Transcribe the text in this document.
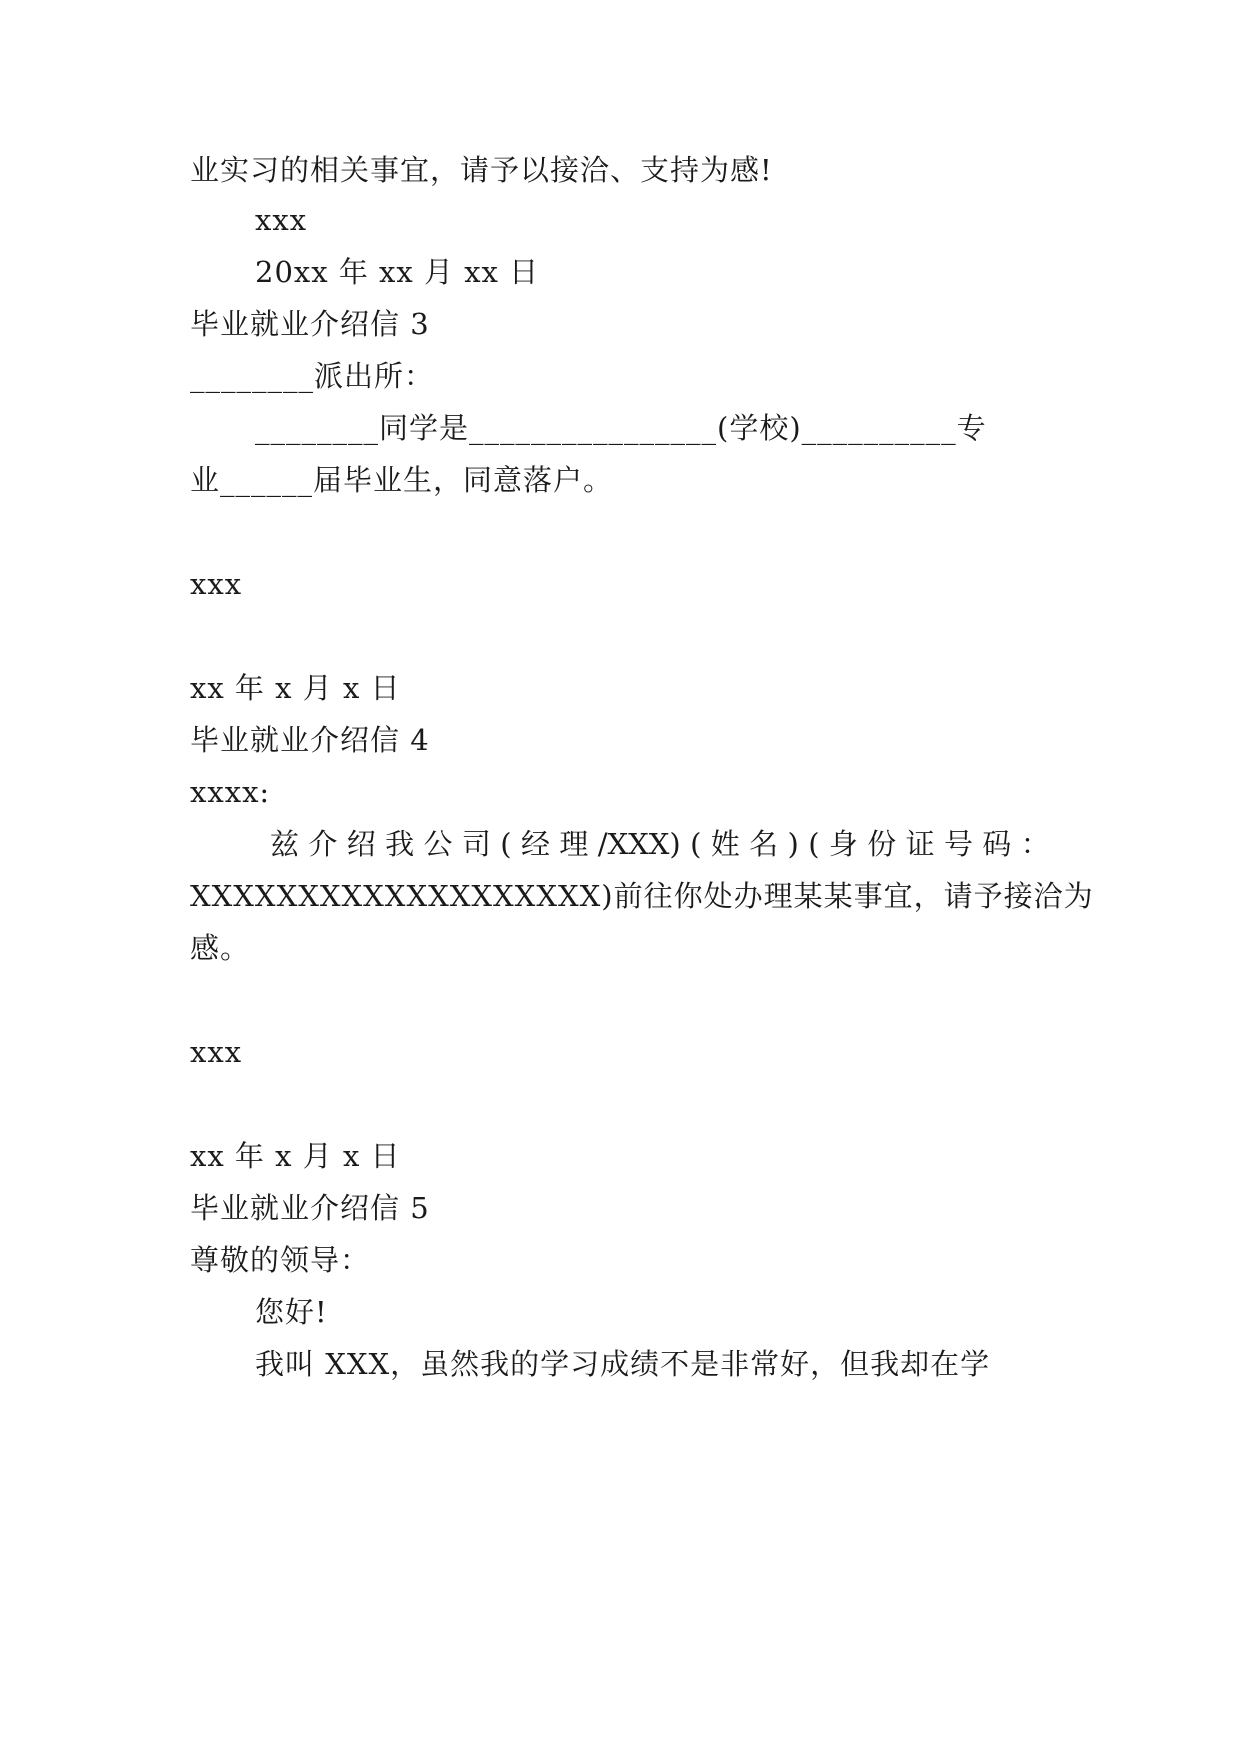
业实习的相关事宜，请予以接洽、支持为感!
xxx
20xx 年 xx 月 xx 日
毕业就业介绍信 3
________派出所：
________同学是________________(学校)__________专
业______届毕业生，同意落户。
xxx
xx 年 x 月 x 日
毕业就业介绍信 4
xxxx:
兹 介 绍 我 公 司 ( 经 理 /XXX) ( 姓 名 ) ( 身 份 证 号 码 ：
XXXXXXXXXXXXXXXXXXX)前往你处办理某某事宜，请予接洽为
感。
xxx
xx 年 x 月 x 日
毕业就业介绍信 5
尊敬的领导：
您好!
我叫 XXX，虽然我的学习成绩不是非常好，但我却在学
